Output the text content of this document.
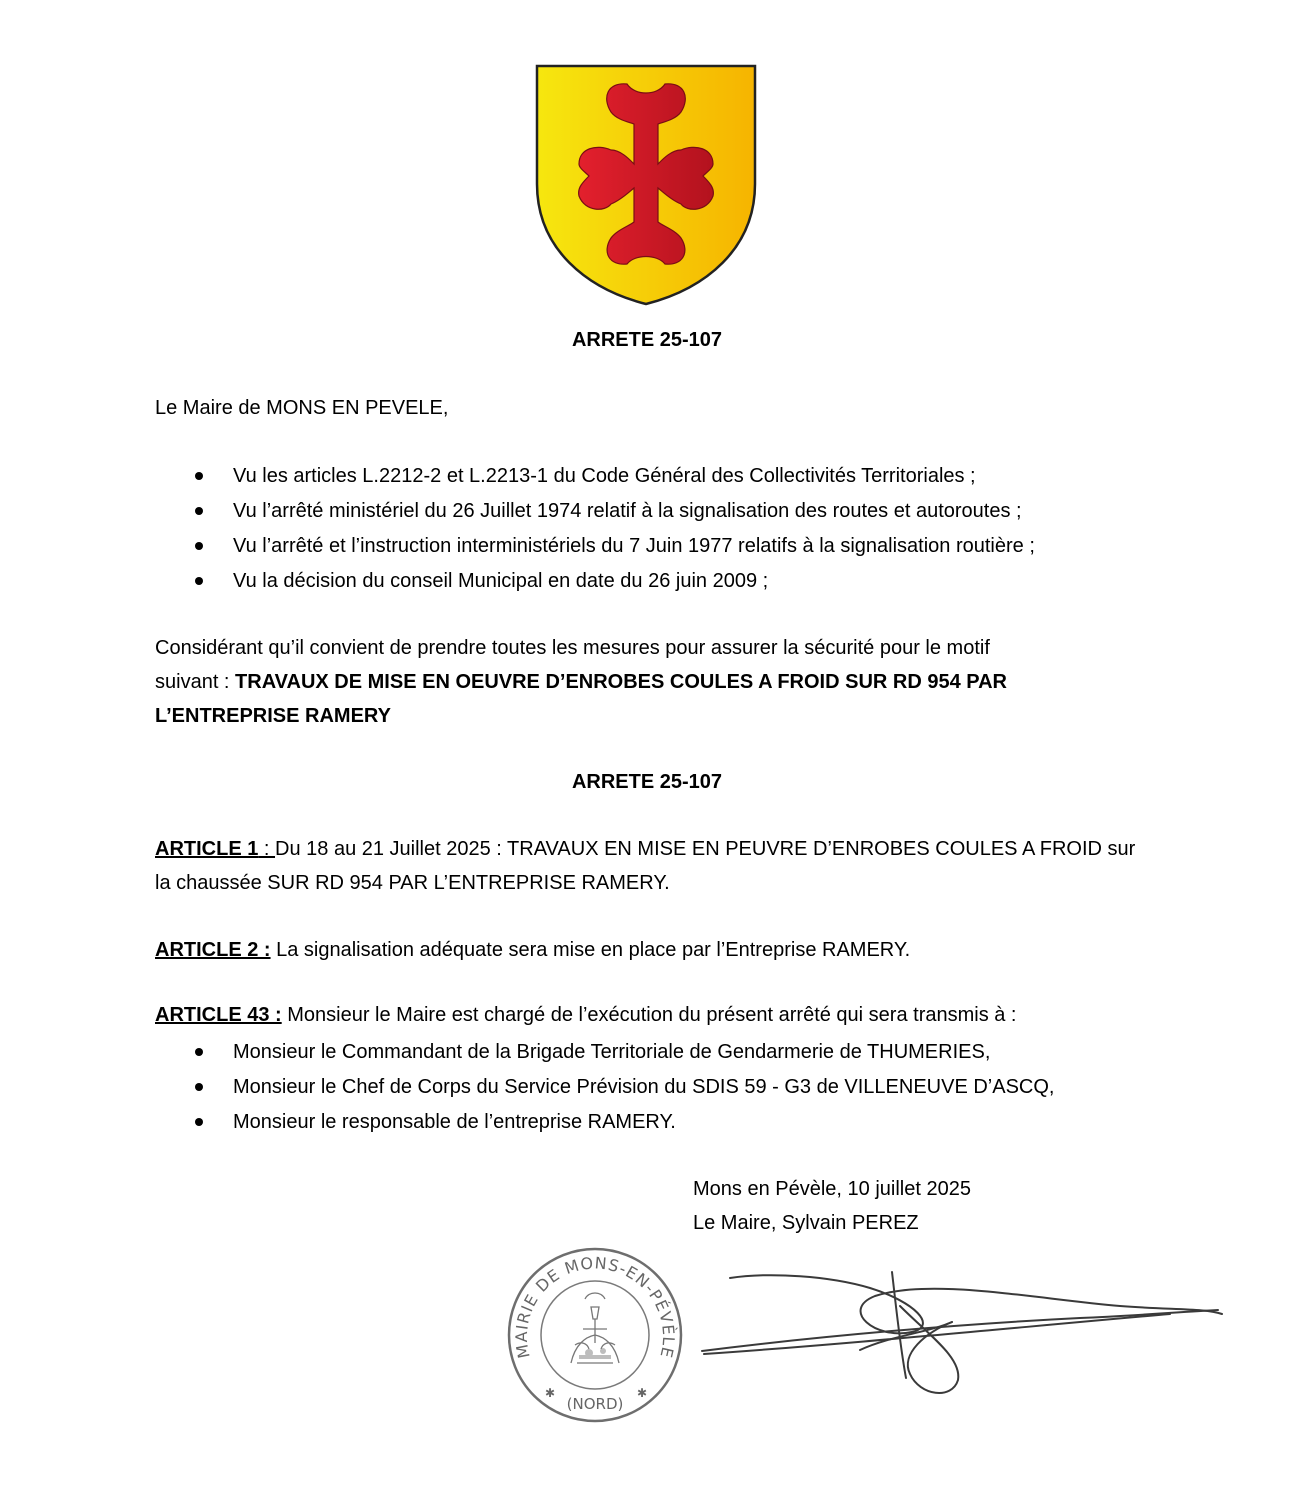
ARRETE 25-107
Le Maire de MONS EN PEVELE,
Vu les articles L.2212-2 et L.2213-1 du Code Général des Collectivités Territoriales ;
Vu l’arrêté ministériel du 26 Juillet 1974 relatif à la signalisation des routes et autoroutes ;
Vu l’arrêté et l’instruction interministériels du 7 Juin 1977 relatifs à la signalisation routière ;
Vu la décision du conseil Municipal en date du 26 juin 2009 ;
Considérant qu’il convient de prendre toutes les mesures pour assurer la sécurité pour le motif
suivant : TRAVAUX DE MISE EN OEUVRE D’ENROBES COULES A FROID SUR RD 954 PAR
L’ENTREPRISE RAMERY
ARRETE 25-107
ARTICLE 1 : Du 18 au 21 Juillet 2025 : TRAVAUX EN MISE EN PEUVRE D’ENROBES COULES A FROID sur
la chaussée SUR RD 954 PAR L’ENTREPRISE RAMERY.
ARTICLE 2 : La signalisation adéquate sera mise en place par l’Entreprise RAMERY.
ARTICLE 43 : Monsieur le Maire est chargé de l’exécution du présent arrêté qui sera transmis à :
Monsieur le Commandant de la Brigade Territoriale de Gendarmerie de THUMERIES,
Monsieur le Chef de Corps du Service Prévision du SDIS 59 - G3 de VILLENEUVE D’ASCQ,
Monsieur le responsable de l’entreprise RAMERY.
Mons en Pévèle, 10 juillet 2025
Le Maire, Sylvain PEREZ
MAIRIE DE MONS-EN-PÉVÈLE
(NORD)
✱	✱
